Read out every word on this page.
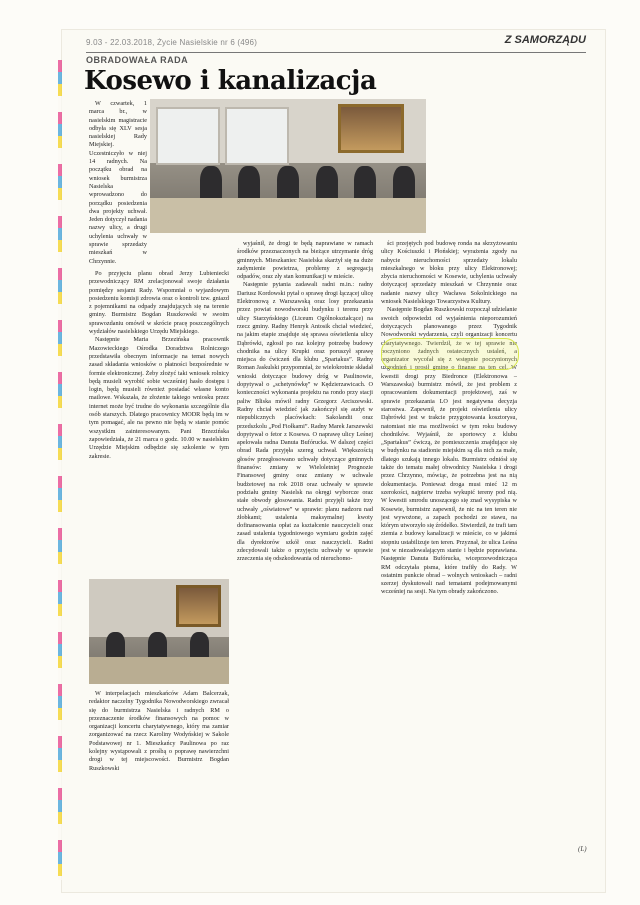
9.03 - 22.03.2018, Życie Nasielskie nr 6 (496)	Z SAMORZĄDU
OBRADOWAŁA RADA
Kosewo i kanalizacja

W czwartek, 1 marca br., w nasielskim magistracie odbyła się XLV sesja nasielskiej Rady Miejskiej. Uczestniczyło w niej 14 radnych. Na początku obrad na wniosek burmistrza Nasielska wprowadzono do porządku posiedzenia dwa projekty uchwał. Jeden dotyczył nadania nazwy ulicy, a drugi uchylenia uchwały w sprawie sprzedaży mieszkań w Chrzynnie.

Po przyjęciu planu obrad Jerzy Lubieniecki przewodniczący RM zrelacjonował swoje działania pomiędzy sesjami Rady. Wspomniał o wyjazdowym posiedzeniu komisji zdrowia oraz o kontroli tzw. gniazd z pojemnikami na odpady znajdujących się na terenie gminy. Burmistrz Bogdan Ruszkowski w swoim sprawozdaniu omówił w skrócie pracę poszczególnych wydziałów nasielskiego Urzędu Miejskiego.

Następnie Maria Brzezińska pracownik Mazowieckiego Ośrodka Doradztwa Rolniczego przedstawiła obecnym informacje na temat nowych zasad składania wniosków o płatności bezpośrednie w formie elektronicznej. Żeby złożyć taki wniosek rolnicy będą musieli wyrobić sobie wcześniej hasło dostępu i login, będą musieli również posiadać własne konto mailowe. Wskazała, że złożenie takiego wniosku przez internet może być trudne do wykonania szczególnie dla osób starszych. Dlatego pracownicy MODR będą im w tym pomagać, ale na pewno nie będą w stanie pomóc wszystkim zainteresowanym. Pani Brzezińska zapowiedziała, że 21 marca o godz. 10.00 w nasielskim Urzędzie Miejskim odbędzie się szkolenie w tym zakresie.

W interpelacjach mieszkańców Adam Balcerzak, redaktor naczelny Tygodnika Nowodworskiego zwracał się do burmistrza Nasielska i radnych RM o przeznaczenie środków finansowych na pomoc w organizacji koncertu charytatywnego, który ma zamiar zorganizować na rzecz Karoliny Wodyńskiej w Sakole Podstawowej nr 1. Mieszkańcy Paulinowa po raz kolejny wystąpowali z prośbą o poprawę nawierzchni drogi w tej miejscowości. Burmistrz Bogdan Ruszkowski

wyjaśnił, że drogi te będą naprawiane w ramach środków przeznaczonych na bieżące utrzymanie dróg gminnych. Mieszkaniec Nasielska skarżył się na duże zadymienie powietrza, problemy z segregacją odpadów, oraz zły stan komunikacji w mieście.

Następnie pytania zadawali radni m.in.: radny Dariusz Kordowski pytał o sprawę drogi łączącej ulicę Elektronową z Warszawską oraz losy przekazania przez powiat nowodworski budynku i terenu przy ulicy Starzyńskiego (Liceum Ogólnokształcące) na rzecz gminy. Radny Henryk Antosik chciał wiedzieć, na jakim etapie znajduje się sprawa oświetlenia ulicy Dąbrówki, zgłosił po raz kolejny potrzebę budowy chodnika na ulicy Krupki oraz poruszył sprawę miejsca do ćwiczeń dla klubu „Spartakus”. Radny Roman Jaskulski przypomniał, że wielokrotnie składał wnioski dotyczące budowy dróg w Paulinowie, dopytywał o „schetynówkę” w Kędzierzawicach. O konieczności wykonania projektu na rondo przy stacji paliw Bliska mówił radny Grzegorz Arciszewski. Radny chciał wiedzieć jak zakończył się audyt w niepublicznych placówkach: Sakolandii oraz przedszkolu „Pod Fiołkami”. Radny Marek Jarszewski dopytywał o fetor z Kosewa. O naprawę ulicy Leśnej apelowała radna Danuta Bufórucka. W dalszej części obrad Rada przyjęła szereg uchwał. Większością głosów przegłosowano uchwały dotyczące gminnych finansów: zmiany w Wieloletniej Prognozie Finansowej gminy oraz zmiany w uchwale budżetowej na rok 2018 oraz uchwały w sprawie podziału gminy Nasielsk na okręgi wyborcze oraz stałe obwody głosowania. Radni przyjęli także trzy uchwały „oświatowe” w sprawie: planu nadzoru nad żłobkami; ustalenia maksymalnej kwoty dofinansowania opłat za kształcenie nauczycieli oraz zasad ustalenia tygodniowego wymiaru godzin zajęć dla dyrektorów szkół oraz nauczycieli. Radni zdecydowali także o przyjęciu uchwały w sprawie zrzeczenia się odszkodowania od nieruchomo-

ści przejętych pod budowę ronda na skrzyżowaniu ulicy Kościuszki i Płońskiej; wyrażenia zgody na nabycie nieruchomości sprzedaży lokalu mieszkalnego w bloku przy ulicy Elektronowej; zbycia nieruchomości w Kosewie, uchylenia uchwały dotyczącej sprzedaży mieszkań w Chrzynnie oraz nadanie nazwy ulicy Wacława Sokolnickiego na wniosek Nasielskiego Towarzystwa Kultury.

Następnie Bogdan Ruszkowski rozpoczął udzielanie swoich odpowiedzi od wyjaśnienia nieporozumień dotyczących planowanego przez Tygodnik Nowodworski wydarzenia, czyli organizacji koncertu charytatywnego. Twierdził, że w tej sprawie nie poczyniono żadnych ostatecznych ustaleń, a organizator wycofał się z wstępnie poczynionych uzgodnień i prosił gminę o finanse na ten cel. W kwestii drogi przy Biedronce (Elektronowa – Warszawska) burmistrz mówił, że jest problem z opracowaniem dokumentacji projektowej, zaś w sprawie przekazania LO jest negatywna decyzja starostwa. Zapewnił, że projekt oświetlenia ulicy Dąbrówki jest w trakcie przygotowania kosztorysu, natomiast nie ma możliwości w tym roku budowy chodników. Wyjaśnił, że sportowcy z klubu „Spartakus” ćwiczą, że pomieszczenia znajdujące się w budynku na stadionie miejskim są dla nich za małe, dlatego szukają innego lokalu. Burmistrz odniósł się także do tematu małej obwodnicy Nasielska i drogi przez Chrzynno, mówiąc, że potrzebna jest na nią dokumentacja. Ponieważ droga musi mieć 12 m szerokości, najpierw trzeba wykupić tereny pod nią. W kwestii smrodu unoszącego się znad wysypiska w Kosewie, burmistrz zapewnił, że nic na ten teren nie jest wywożone, a zapach pochodzi ze stawu, na którym utworzyło się źródełko. Stwierdził, że trafi tam ziemia z budowy kanalizacji w mieście, co w jakimś stopniu ustabilizuje ten teren. Przyznał, że ulica Leśna jest w niezadowalającym stanie i będzie poprawiana. Następnie Danuta Bufórucka, wiceprzewodnicząca RM odczytała pisma, które trafiły do Rady. W ostatnim punkcie obrad – wolnych wnioskach – radni szerzej dyskutowali nad tematami podejmowanymi wcześniej na sesji. Na tym obrady zakończono.

(L)
